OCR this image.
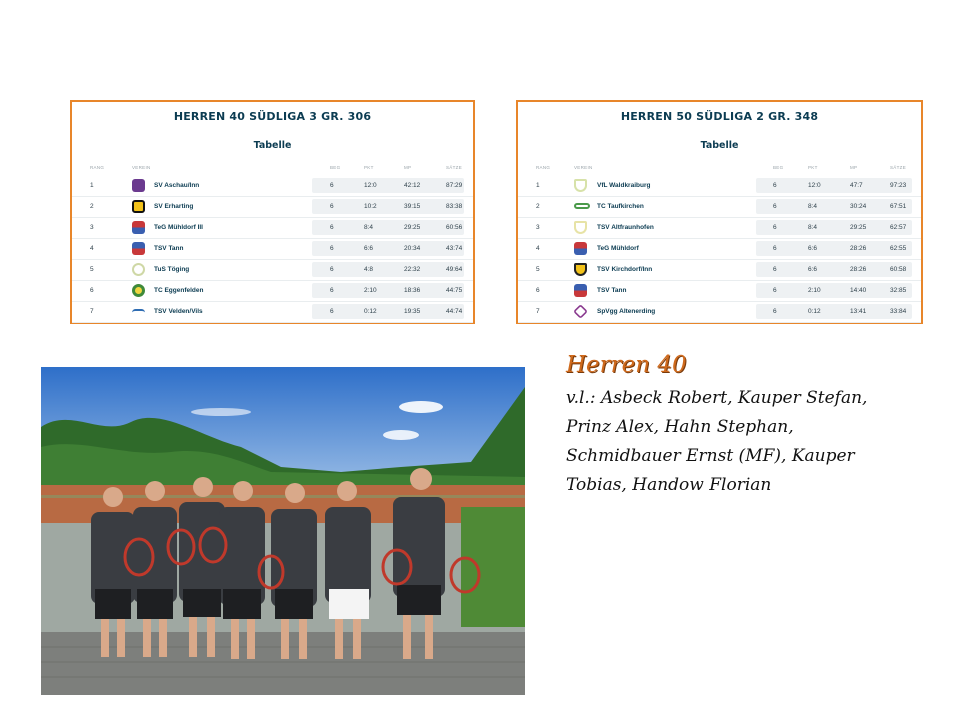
HERREN 40 SÜDLIGA 3 GR. 306
Tabelle
RANG	VEREIN	BEG	PKT	MP	SÄTZE
1	SV Aschau/Inn	6	12:0	42:12	87:29
2	SV Erharting	6	10:2	39:15	83:38
3	TeG Mühldorf III	6	8:4	29:25	60:56
4	TSV Tann	6	6:6	20:34	43:74
5	TuS Töging	6	4:8	22:32	49:64
6	TC Eggenfelden	6	2:10	18:36	44:75
7	TSV Velden/Vils	6	0:12	19:35	44:74
HERREN 50 SÜDLIGA 2 GR. 348
Tabelle
RANG	VEREIN	BEG	PKT	MP	SÄTZE
1	VfL Waldkraiburg	6	12:0	47:7	97:23
2	TC Taufkirchen	6	8:4	30:24	67:51
3	TSV Altfraunhofen	6	8:4	29:25	62:57
4	TeG Mühldorf	6	6:6	28:26	62:55
5	TSV Kirchdorf/Inn	6	6:6	28:26	60:58
6	TSV Tann	6	2:10	14:40	32:85
7	SpVgg Altenerding	6	0:12	13:41	33:84
Herren 40

v.l.: Asbeck Robert, Kauper Stefan,
Prinz Alex, Hahn Stephan,
Schmidbauer Ernst (MF), Kauper
Tobias, Handow Florian
